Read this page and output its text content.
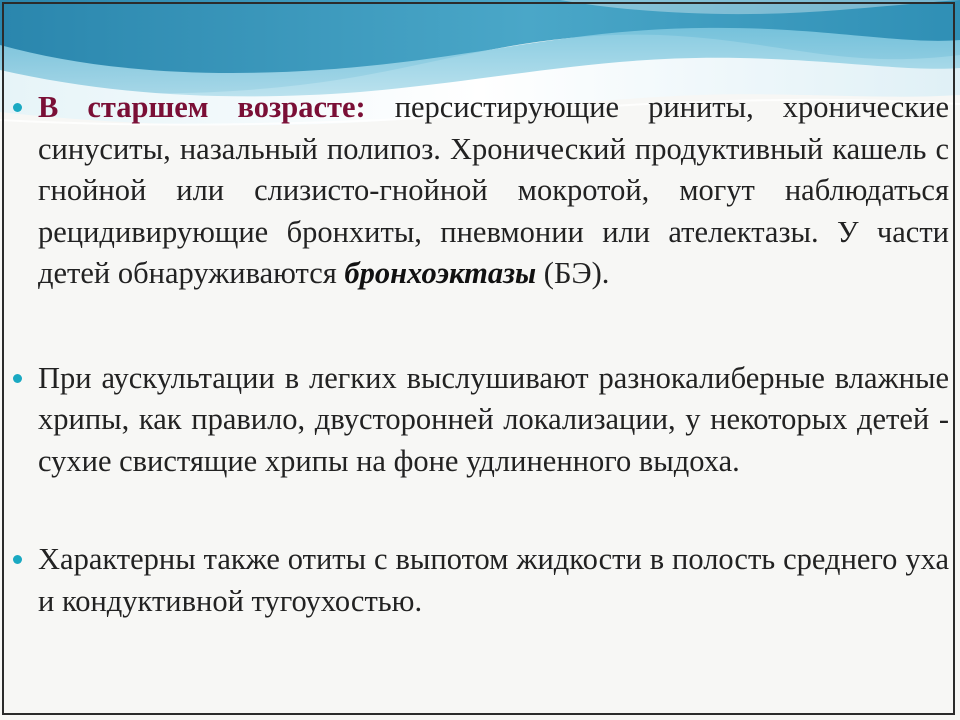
В старшем возрасте: персистирующие риниты, хронические синуситы, назальный полипоз. Хронический продуктивный кашель с гнойной или слизисто-гнойной мокротой, могут наблюдаться рецидивирующие бронхиты, пневмонии или ателектазы. У части детей обнаруживаются бронхоэктазы (БЭ).

При аускультации в легких выслушивают разнокалиберные влажные хрипы, как правило, двусторонней локализации, у некоторых детей - сухие свистящие хрипы на фоне удлиненного выдоха.

Характерны также отиты с выпотом жидкости в полость среднего уха и кондуктивной тугоухостью.
